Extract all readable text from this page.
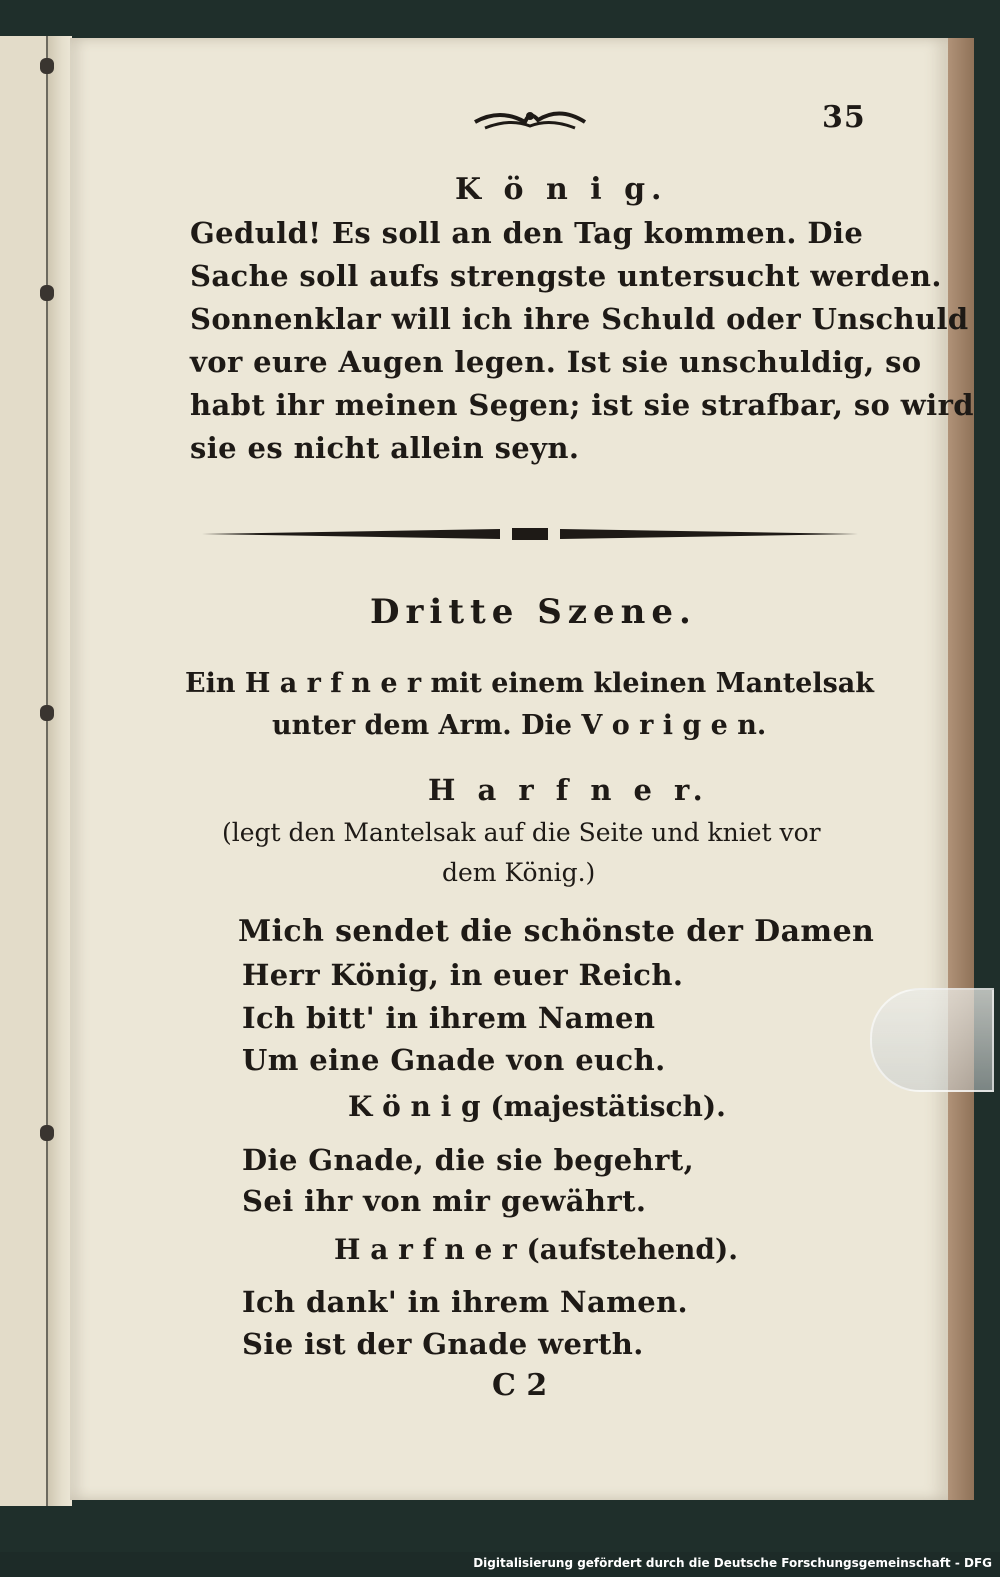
35
K ö n i g.
Geduld! Es soll an den Tag kommen. Die
Sache soll aufs strengste untersucht werden.
Sonnenklar will ich ihre Schuld oder Unschuld
vor eure Augen legen. Ist sie unschuldig, so
habt ihr meinen Segen; ist sie strafbar, so wird
sie es nicht allein seyn.
Dritte Szene.
Ein H a r f n e r mit einem kleinen Mantelsak
unter dem Arm. Die V o r i g e n.
H a r f n e r.
(legt den Mantelsak auf die Seite und kniet vor
dem König.)
Mich sendet die schönste der Damen
Herr König, in euer Reich.
Ich bitt' in ihrem Namen
Um eine Gnade von euch.
K ö n i g (majestätisch).
Die Gnade, die sie begehrt,
Sei ihr von mir gewährt.
H a r f n e r (aufstehend).
Ich dank' in ihrem Namen.
Sie ist der Gnade werth.
C 2
Digitalisierung gefördert durch die Deutsche Forschungsgemeinschaft - DFG
